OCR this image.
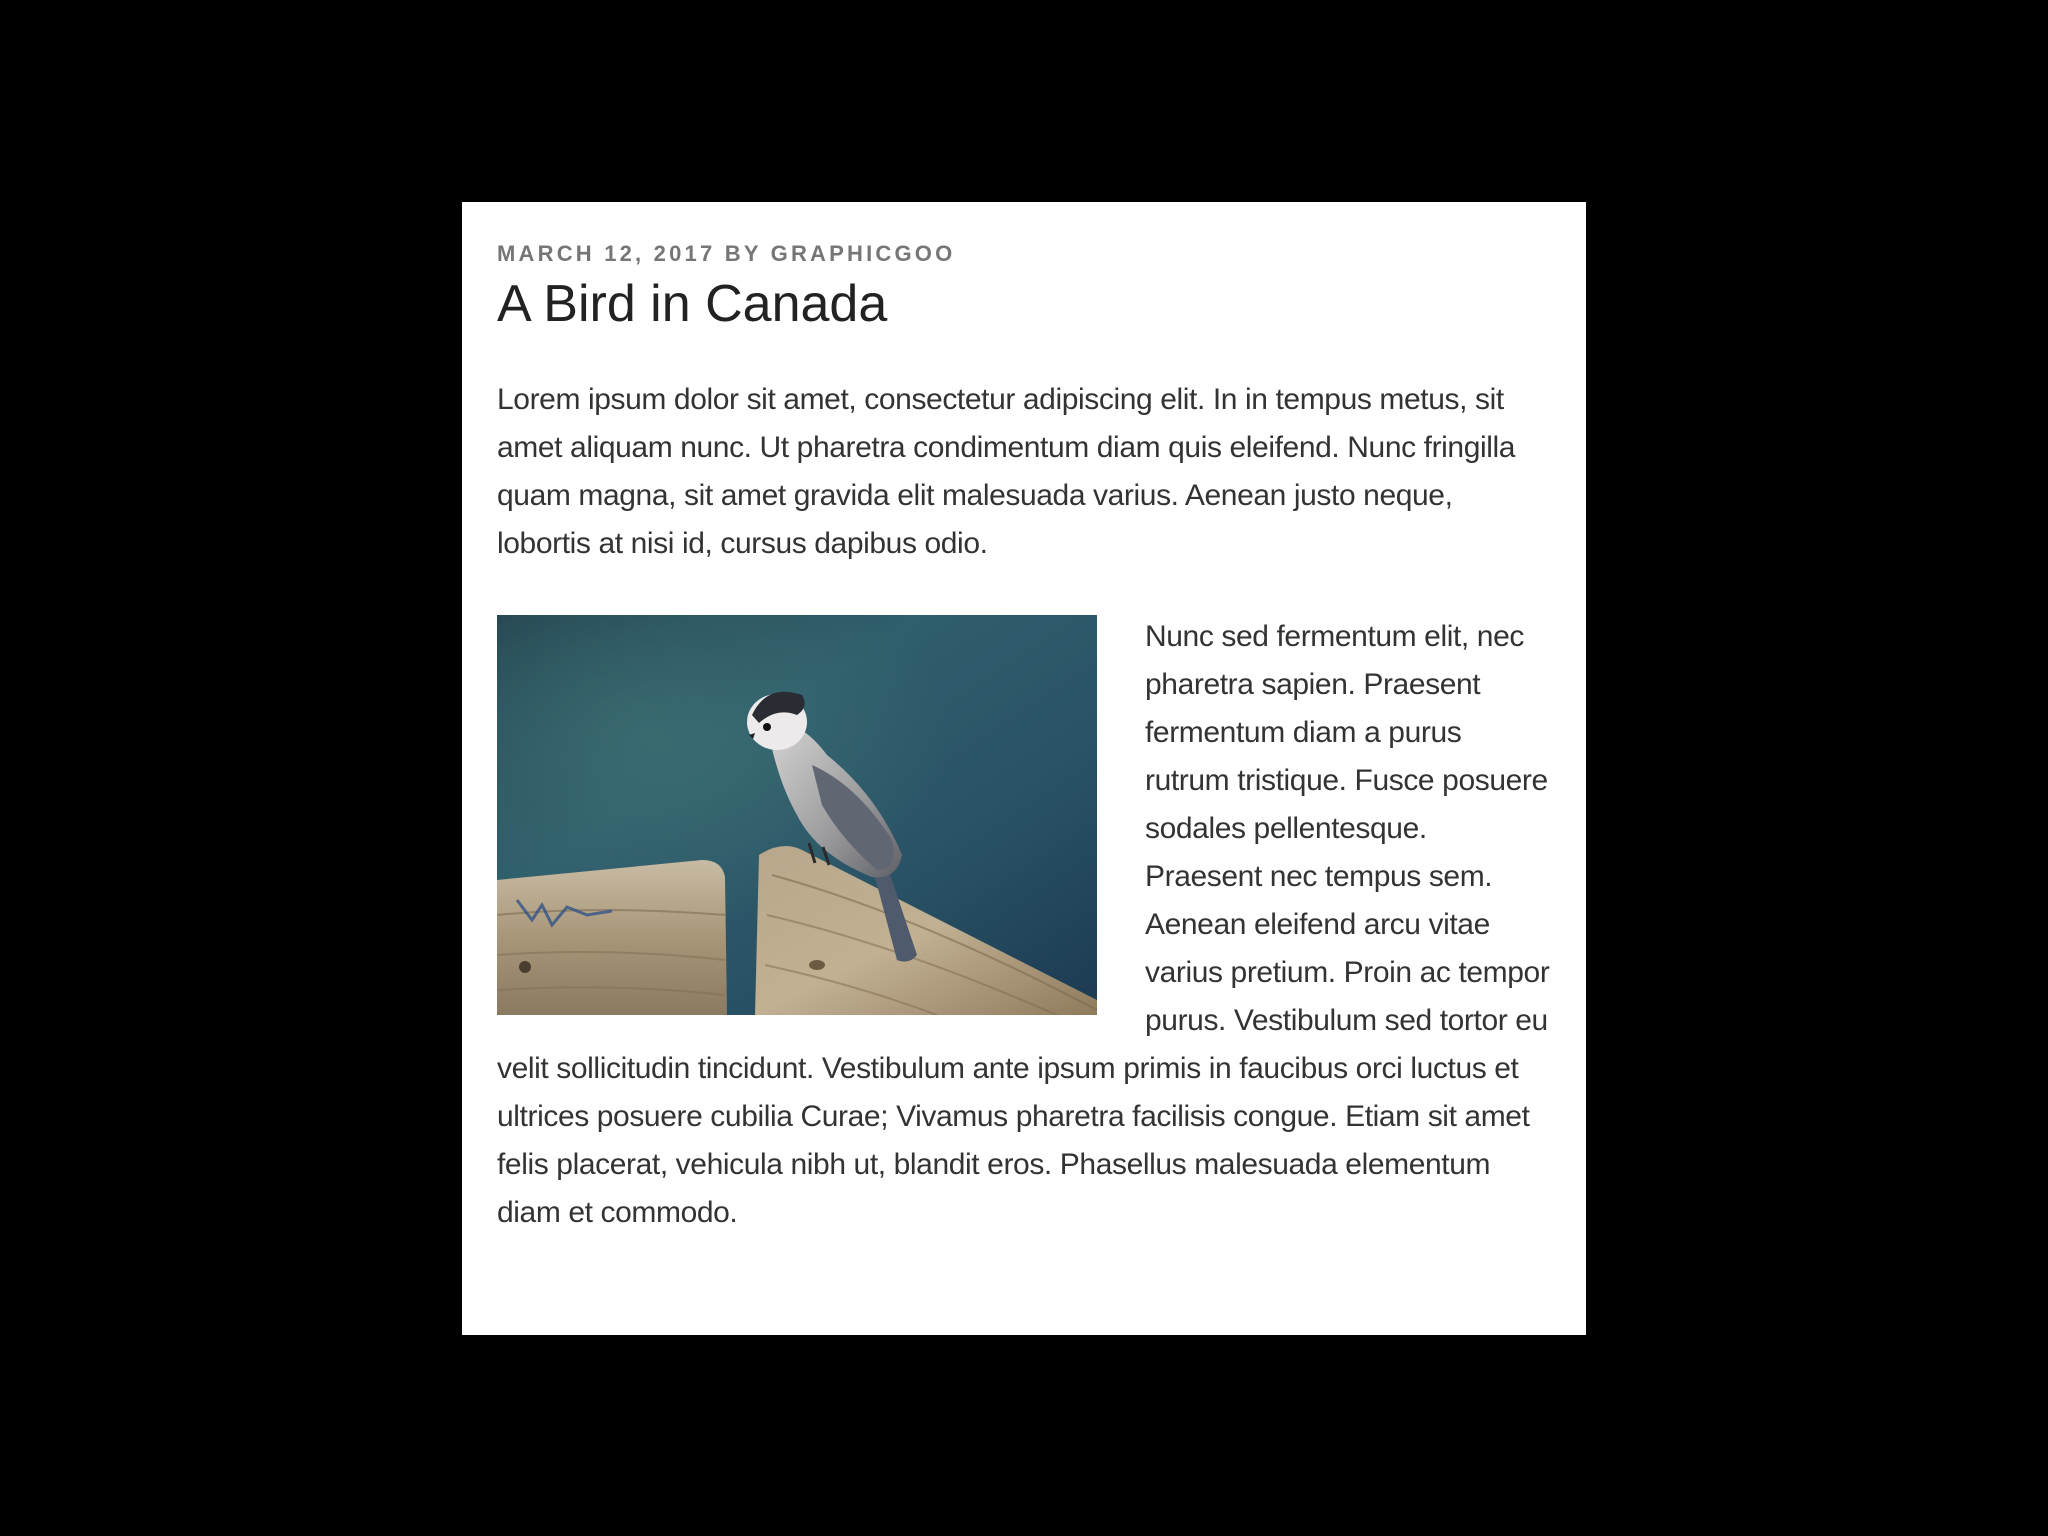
MARCH 12, 2017 BY GRAPHICGOO
A Bird in Canada

Lorem ipsum dolor sit amet, consectetur adipiscing elit. In in tempus metus, sit amet aliquam nunc. Ut pharetra condimentum diam quis eleifend. Nunc fringilla quam magna, sit amet gravida elit malesuada varius. Aenean justo neque, lobortis at nisi id, cursus dapibus odio.

Nunc sed fermentum elit, nec pharetra sapien. Praesent fermentum diam a purus rutrum tristique. Fusce posuere sodales pellentesque. Praesent nec tempus sem. Aenean eleifend arcu vitae varius pretium. Proin ac tempor purus. Vestibulum sed tortor eu velit sollicitudin tincidunt. Vestibulum ante ipsum primis in faucibus orci luctus et ultrices posuere cubilia Curae; Vivamus pharetra facilisis congue. Etiam sit amet felis placerat, vehicula nibh ut, blandit eros. Phasellus malesuada elementum diam et commodo.
